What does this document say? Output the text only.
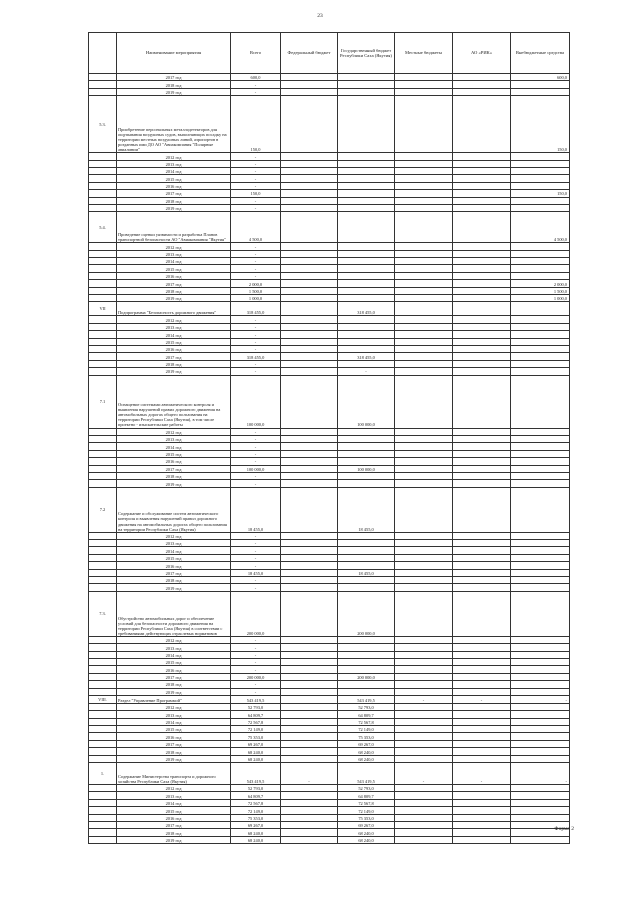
23
	Наименование мероприятия	Всего	Федеральный бюджет	Государственный бюджет Республики Саха (Якутия)	Местные бюджеты	АО «РИК»	Внебюджетные средства
	2017 год	600,0					600,0
	2018 год	-					
	2019 год	-					
5.3.	Приобретение персональных металлодетекторов для ощупывания воздушных судов, выполняющих посадку на территории местных воздушных линий, аэропортов в розданных ими ДО АО "Авиакомпания "Полярные авиалинии"	150,0					150,0
	2012 год	-					
	2013 год	-					
	2014 год	-					
	2015 год	-					
	2016 год	-					
	2017 год	150,0					150,0
	2018 год	-					
	2019 год	-					
5.4.	Проведение оценки уязвимости и разработка Планов транспортной безопасности АО "Авиакомпания "Якутия"	4 500,0					4 500,0
	2012 год	-					
	2013 год	-					
	2014 год	-					
	2015 год	-					
	2016 год	-					
	2017 год	2 000,0					2 000,0
	2018 год	1 500,0					1 500,0
	2019 год	1 000,0					1 000,0
VII	Подпрограмма "Безопасность дорожного движения"	318 455,0		318 455,0			
	2012 год	-					
	2013 год	-					
	2014 год	-					
	2015 год	-					
	2016 год	-					
	2017 год	318 455,0		318 455,0			
	2018 год	-					
	2019 год	-		-			
7.1	Оснащение системами автоматического контроля и выявления нарушений правил дорожного движения на автомобильных дорогах общего пользования на территории Республики Саха (Якутия), в том числе проектно - изыскательские работы	100 000,0		100 000,0			
	2012 год	-					
	2013 год	-					
	2014 год	-					
	2015 год	-					
	2016 год	-					
	2017 год	100 000,0		100 000,0			
	2018 год	-					
	2019 год	-					
7.2	Содержание и обслуживание систем автоматического контроля и выявления нарушений правил дорожного движения на автомобильных дорогах общего пользования на территории Республики Саха (Якутия)	18 455,0		18 455,0			
	2012 год	-					
	2013 год	-					
	2014 год	-					
	2015 год	-					
	2016 год	-					
	2017 год	18 455,0		18 455,0			
	2018 год	-					
	2019 год	-					
7.3.	Обустройство автомобильных дорог и обеспечение условий для безопасности дорожного движения на территории Республики Саха (Якутия) в соответствии с требованиями действующих отраслевых нормативов	200 000,0		200 000,0			
	2012 год	-					
	2013 год	-					
	2014 год	-					
	2015 год	-					
	2016 год	-					
	2017 год	200 000,0		200 000,0			
	2018 год	-					
	2019 год	-					
VIII.	Раздел "Управление Программой"	543 419,5		543 419,5	-	-	-
	2012 год	52 793,0		52 793,0			
	2013 год	64 809,7		64 809,7			
	2014 год	72 567,8		72 567,8			
	2015 год	72 149,0		72 149,0			
	2016 год	75 353,0		75 353,0			
	2017 год	69 267,0		69 267,0			
	2018 год	68 240,0		68 240,0			
	2019 год	68 240,0		68 240,0			
1.	Содержание Министерства транспорта и дорожного хозяйства Республики Саха (Якутия)	543 419,5	-	543 419,5	-	-	-
	2012 год	52 793,0		52 793,0			
	2013 год	64 809,7		64 809,7			
	2014 год	72 567,8		72 567,8			
	2015 год	72 149,0		72 149,0			
	2016 год	75 353,0		75 353,0			
	2017 год	69 267,0		69 267,0			
	2018 год	68 240,0		68 240,0			
	2019 год	68 240,0		68 240,0			
Форма 2
